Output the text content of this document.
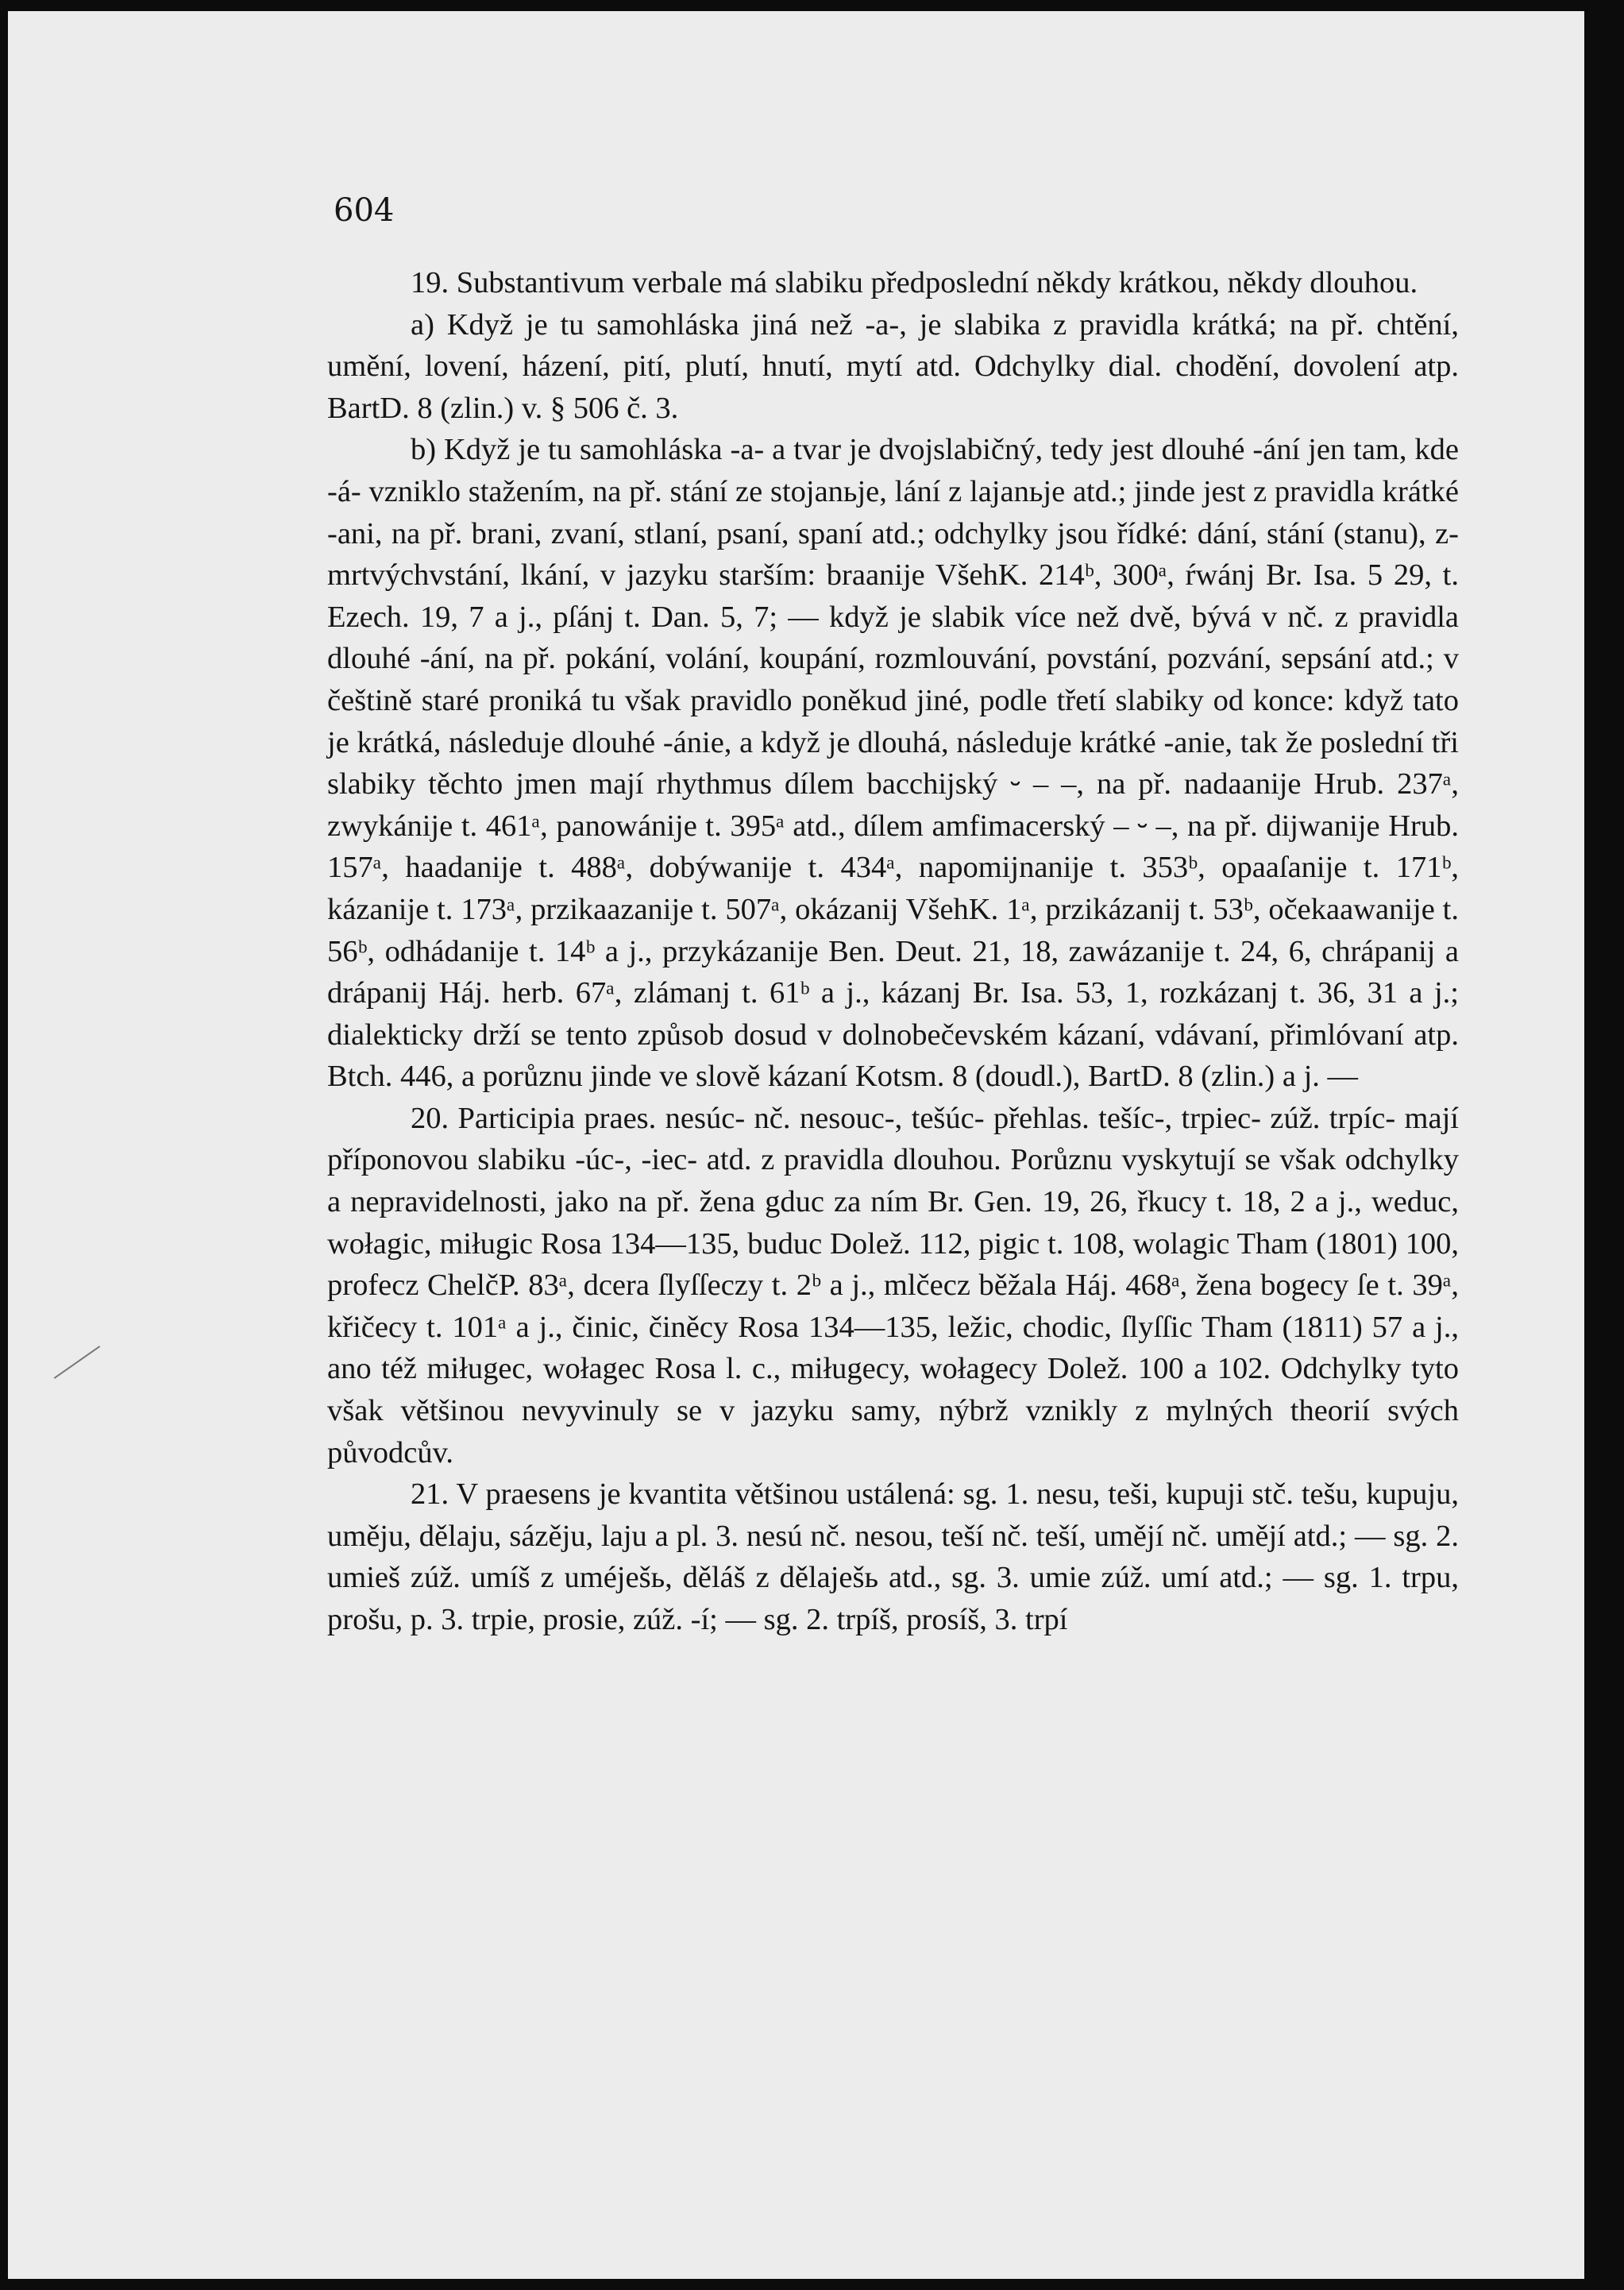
604

19. Substantivum verbale má slabiku předposlední někdy krátkou, někdy dlouhou.

a) Když je tu samohláska jiná než -a-, je slabika z pravidla krátká; na př. chtění, umění, lovení, házení, pití, plutí, hnutí, mytí atd. Odchylky dial. chodění, dovolení atp. BartD. 8 (zlin.) v. § 506 č. 3.

b) Když je tu samohláska -a- a tvar je dvojslabičný, tedy jest dlouhé -ání jen tam, kde -á- vzniklo stažením, na př. stání ze stojanьje, lání z lajanьje atd.; jinde jest z pravidla krátké -ani, na př. brani, zvaní, stlaní, psaní, spaní atd.; odchylky jsou řídké: dání, stání (stanu), z-mrtvýchvstání, lkání, v jazyku starším: braanije VšehK. 214ᵇ, 300ᵃ, ŕwánj Br. Isa. 5 29, t. Ezech. 19, 7 a j., pſánj t. Dan. 5, 7; — když je slabik více než dvě, bývá v nč. z pravidla dlouhé -ání, na př. pokání, volání, koupání, rozmlouvání, povstání, pozvání, sepsání atd.; v češtině staré proniká tu však pravidlo poněkud jiné, podle třetí slabiky od konce: když tato je krátká, následuje dlouhé -ánie, a když je dlouhá, následuje krátké -anie, tak že poslední tři slabiky těchto jmen mají rhythmus dílem bacchijský ⏑ – –, na př. nadaanije Hrub. 237ᵃ, zwykánije t. 461ᵃ, panowánije t. 395ᵃ atd., dílem amfimacerský – ⏑ –, na př. dijwanije Hrub. 157ᵃ, haadanije t. 488ᵃ, dobýwanije t. 434ᵃ, napomijnanije t. 353ᵇ, opaaſanije t. 171ᵇ, kázanije t. 173ᵃ, przikaazanije t. 507ᵃ, okázanij VšehK. 1ᵃ, przikázanij t. 53ᵇ, očekaawanije t. 56ᵇ, odhádanije t. 14ᵇ a j., przykázanije Ben. Deut. 21, 18, zawázanije t. 24, 6, chrápanij a drápanij Háj. herb. 67ᵃ, zlámanj t. 61ᵇ a j., kázanj Br. Isa. 53, 1, rozkázanj t. 36, 31 a j.; dialekticky drží se tento způsob dosud v dolnobečevském kázaní, vdávaní, přimlóvaní atp. Btch. 446, a porůznu jinde ve slově kázaní Kotsm. 8 (doudl.), BartD. 8 (zlin.) a j. —

20. Participia praes. nesúc- nč. nesouc-, tešúc- přehlas. tešíc-, trpiec- zúž. trpíc- mají příponovou slabiku -úc-, -iec- atd. z pravidla dlouhou. Porůznu vyskytují se však odchylky a nepravidelnosti, jako na př. žena gduc za ním Br. Gen. 19, 26, řkucy t. 18, 2 a j., weduc, wołagic, miługic Rosa 134—135, buduc Dolež. 112, pigic t. 108, wolagic Tham (1801) 100, profecz ChelčP. 83ᵃ, dcera ſlyſſeczy t. 2ᵇ a j., mlčecz běžala Háj. 468ᵃ, žena bogecy ſe t. 39ᵃ, křičecy t. 101ᵃ a j., činic, činěcy Rosa 134—135, ležic, chodic, ſlyſſic Tham (1811) 57 a j., ano též miługec, wołagec Rosa l. c., miługecy, wołagecy Dolež. 100 a 102. Odchylky tyto však většinou nevyvinuly se v jazyku samy, nýbrž vznikly z mylných theorií svých původcův.

21. V praesens je kvantita většinou ustálená: sg. 1. nesu, teši, kupuji stč. tešu, kupuju, uměju, dělaju, sázěju, laju a pl. 3. nesú nč. nesou, teší nč. teší, umějí nč. umějí atd.; — sg. 2. umieš zúž. umíš z uméješь, děláš z dělaješь atd., sg. 3. umie zúž. umí atd.; — sg. 1. trpu, prošu, p. 3. trpie, prosie, zúž. -í; — sg. 2. trpíš, prosíš, 3. trpí
